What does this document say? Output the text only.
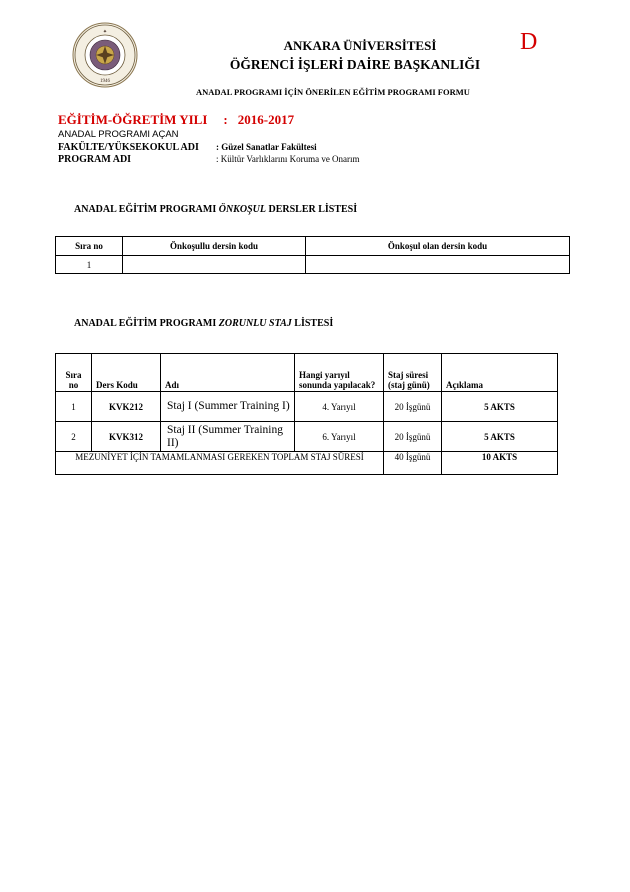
✦
1946
ANKARA ÜNİVERSİTESİ
ÖĞRENCİ İŞLERİ DAİRE BAŞKANLIĞI
D
ANADAL PROGRAMI İÇİN ÖNERİLEN EĞİTİM PROGRAMI FORMU
EĞİTİM-ÖĞRETİM YILI : 2016-2017
ANADAL PROGRAMI AÇAN
FAKÜLTE/YÜKSEKOKUL ADI : Güzel Sanatlar Fakültesi
PROGRAM ADI	: Kültür Varlıklarını Koruma ve Onarım
ANADAL EĞİTİM PROGRAMI ÖNKOŞUL DERSLER LİSTESİ
Sıra no	Önkoşullu dersin kodu	Önkoşul olan dersin kodu
1		
ANADAL EĞİTİM PROGRAMI ZORUNLU STAJ LİSTESİ
Sıra no	Ders Kodu	Adı	Hangi yarıyıl sonunda yapılacak?	Staj süresi (staj günü)	Açıklama
1	KVK212	Staj I (Summer Training I)	4. Yarıyıl	20 İşgünü	5 AKTS
2	KVK312	Staj II (Summer Training II)	6. Yarıyıl	20 İşgünü	5 AKTS
MEZUNİYET İÇİN TAMAMLANMASI GEREKEN TOPLAM STAJ SÜRESİ				40 İşgünü	10 AKTS
